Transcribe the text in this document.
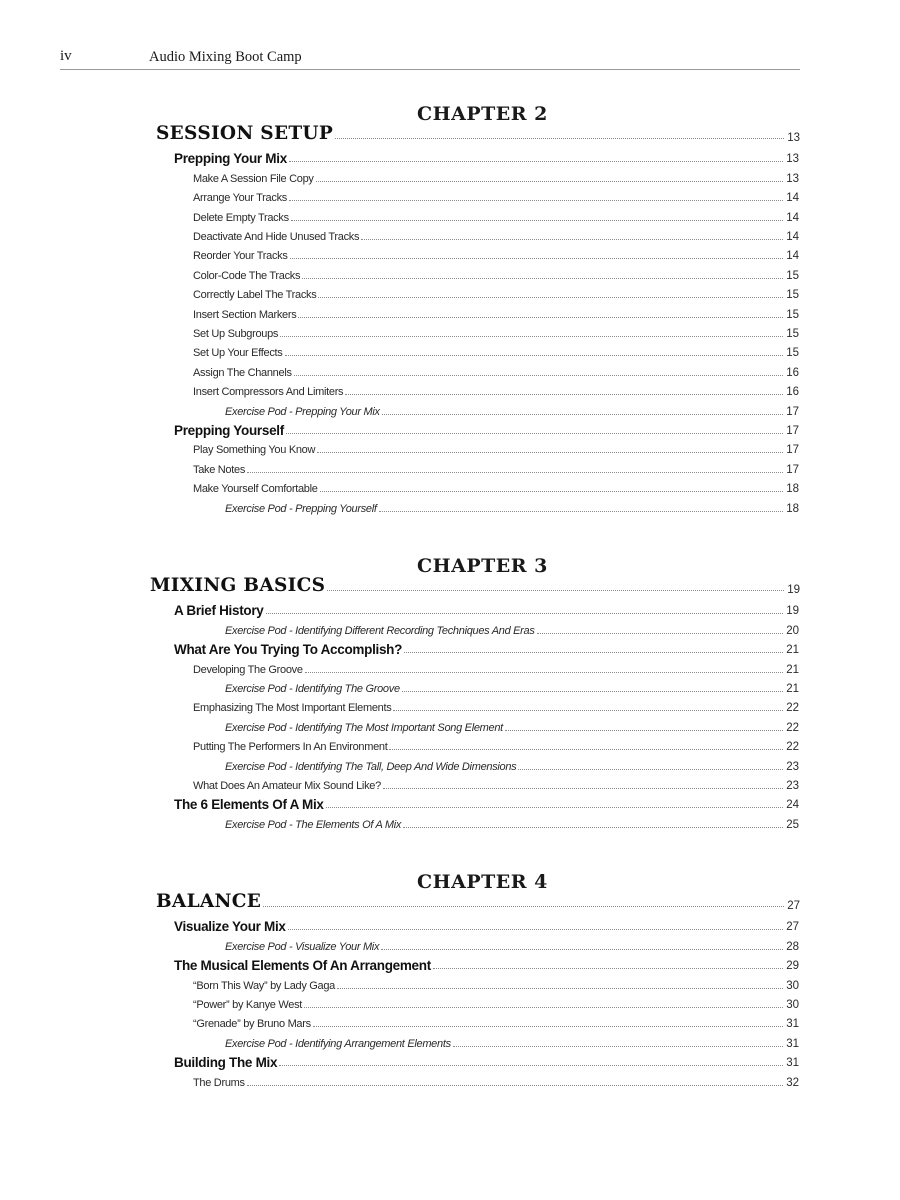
iv	Audio Mixing Boot Camp
CHAPTER 2
SESSION SETUP	13
Prepping Your Mix	13
Make A Session File Copy	13
Arrange Your Tracks	14
Delete Empty Tracks	14
Deactivate And Hide Unused Tracks	14
Reorder Your Tracks	14
Color-Code The Tracks	15
Correctly Label The Tracks	15
Insert Section Markers	15
Set Up Subgroups	15
Set Up Your Effects	15
Assign The Channels	16
Insert Compressors And Limiters	16
Exercise Pod - Prepping Your Mix	17
Prepping Yourself	17
Play Something You Know	17
Take Notes	17
Make Yourself Comfortable	18
Exercise Pod - Prepping Yourself	18
CHAPTER 3
MIXING BASICS	19
A Brief History	19
Exercise Pod - Identifying Different Recording Techniques And Eras	20
What Are You Trying To Accomplish?	21
Developing The Groove	21
Exercise Pod - Identifying The Groove	21
Emphasizing The Most Important Elements	22
Exercise Pod - Identifying The Most Important Song Element	22
Putting The Performers In An Environment	22
Exercise Pod - Identifying The Tall, Deep And Wide Dimensions	23
What Does An Amateur Mix Sound Like?	23
The 6 Elements Of A Mix	24
Exercise Pod - The Elements Of A Mix	25
CHAPTER 4
BALANCE	27
Visualize Your Mix	27
Exercise Pod - Visualize Your Mix	28
The Musical Elements Of An Arrangement	29
“Born This Way” by Lady Gaga	30
“Power” by Kanye West	30
“Grenade” by Bruno Mars	31
Exercise Pod - Identifying Arrangement Elements	31
Building The Mix	31
The Drums	32
